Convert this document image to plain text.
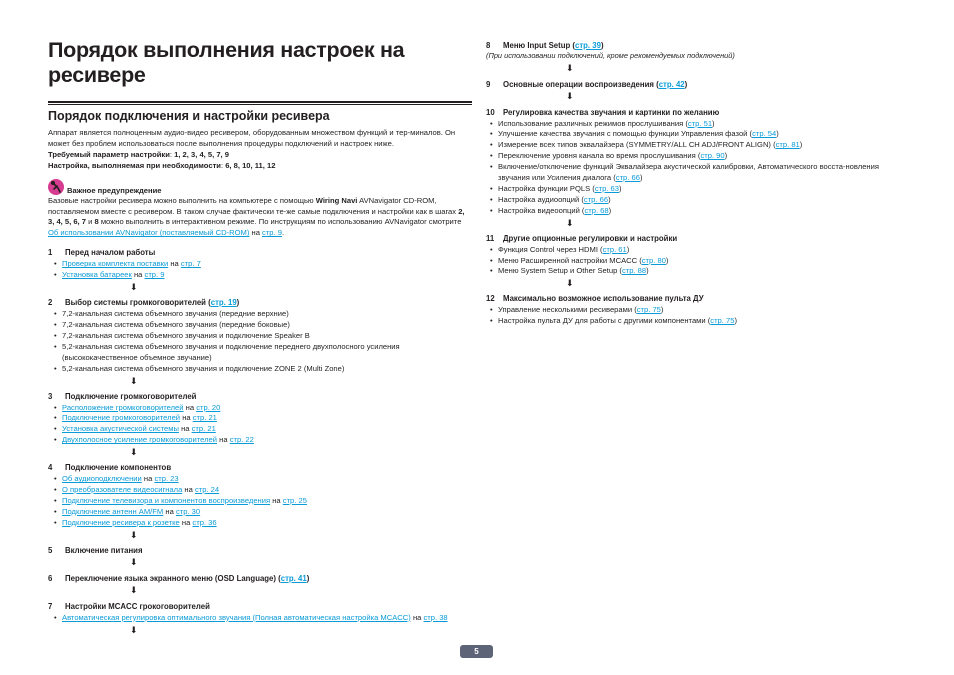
Порядок выполнения настроек на
ресивере
Порядок подключения и настройки ресивера

Аппарат является полноценным аудио-видео ресивером, оборудованным множеством функций и тер-миналов. Он может без проблем использоваться после выполнения процедуры подключений и настроек ниже.

Требуемый параметр настройки: 1, 2, 3, 4, 5, 7, 9

Настройка, выполняемая при необходимости: 6, 8, 10, 11, 12

Важное предупреждение

Базовые настройки ресивера можно выполнить на компьютере с помощью Wiring Navi AVNavigator CD-ROM, поставляемом вместе с ресивером. В таком случае фактически те-же самые подключения и настройки как в шагах 2, 3, 4, 5, 6, 7 и 8 можно выполнить в интерактивном режиме. По инструкциям по использованию AVNavigator смотрите Об использовании AVNavigator (поставляемый CD-ROM) на стр. 9.

1	Перед началом работы
• Проверка комплекта поставки на стр. 7
• Установка батареек на стр. 9
⬇
2	Выбор системы громкоговорителей (стр. 19)
• 7,2-канальная система объемного звучания (передние верхние)
• 7,2-канальная система объемного звучания (передние боковые)
• 7,2-канальная система объемного звучания и подключение Speaker B
• 5,2-канальная система объемного звучания и подключение переднего двухполосного усиления (высококачественное объемное звучание)
• 5,2-канальная система объемного звучания и подключение ZONE 2 (Multi Zone)
⬇
3	Подключение громкоговорителей
• Расположение громкоговорителей на стр. 20
• Подключение громкоговорителей на стр. 21
• Установка акустической системы на стр. 21
• Двухполосное усиление громкоговорителей на стр. 22
⬇
4	Подключение компонентов
• Об аудиоподключении на стр. 23
• О преобразователе видеосигнала на стр. 24
• Подключение телевизора и компонентов воспроизведения на стр. 25
• Подключение антенн AM/FM на стр. 30
• Подключение ресивера к розетке на стр. 36
⬇
5	Включение питания
⬇
6	Переключение языка экранного меню (OSD Language) (стр. 41)
⬇
7	Настройки MCACC грокоговорителей
• Автоматическая регулировка оптимального звучания (Полная автоматическая настройка MCACC) на стр. 38
⬇
8	Меню Input Setup (стр. 39)
(При использовании подключений, кроме рекомендуемых подключений)
⬇
9	Основные операции воспроизведения (стр. 42)
⬇
10	Регулировка качества звучания и картинки по желанию
• Использование различных режимов прослушивания (стр. 51)
• Улучшение качества звучания с помощью функции Управления фазой (стр. 54)
• Измерение всех типов эквалайзера (SYMMETRY/ALL CH ADJ/FRONT ALIGN) (стр. 81)
• Переключение уровня каналa во время прослушивания (стр. 90)
• Включение/отключение функций Эквалайзера акустической калибровки, Автоматического восста-новления звучания или Усиления диалога (стр. 66)
• Настройка функции PQLS (стр. 63)
• Настройка аудиоопций (стр. 66)
• Настройка видеоопций (стр. 68)
⬇
11	Другие опционные регулировки и настройки
• Функция Control через HDMI (стр. 61)
• Меню Расширенной настройки MCACC (стр. 80)
• Меню System Setup и Other Setup (стр. 88)
⬇
12	Максимально возможное использование пульта ДУ
• Управление несколькими ресиверами (стр. 75)
• Настройка пульта ДУ для работы с другими компонентами (стр. 75)
5
